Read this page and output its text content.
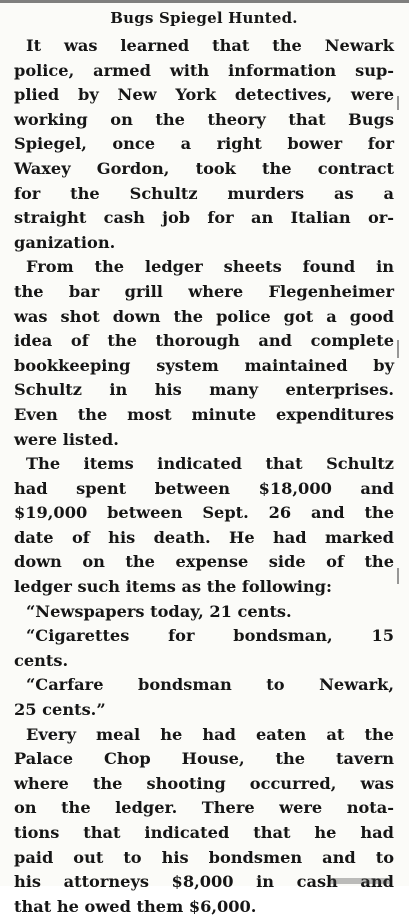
Bugs Spiegel Hunted.
It was learned that the Newark
police, armed with information sup-
plied by New York detectives, were
working on the theory that Bugs
Spiegel, once a right bower for
Waxey Gordon, took the contract
for the Schultz murders as a
straight cash job for an Italian or-
ganization.
From the ledger sheets found in
the bar grill where Flegenheimer
was shot down the police got a good
idea of the thorough and complete
bookkeeping system maintained by
Schultz in his many enterprises.
Even the most minute expenditures
were listed.
The items indicated that Schultz
had spent between $18,000 and
$19,000 between Sept. 26 and the
date of his death. He had marked
down on the expense side of the
ledger such items as the following:
“Newspapers today, 21 cents.
“Cigarettes for bondsman, 15
cents.
“Carfare bondsman to Newark,
25 cents.”
Every meal he had eaten at the
Palace Chop House, the tavern
where the shooting occurred, was
on the ledger. There were nota-
tions that indicated that he had
paid out to his bondsmen and to
his attorneys $8,000 in cash and
that he owed them $6,000.
